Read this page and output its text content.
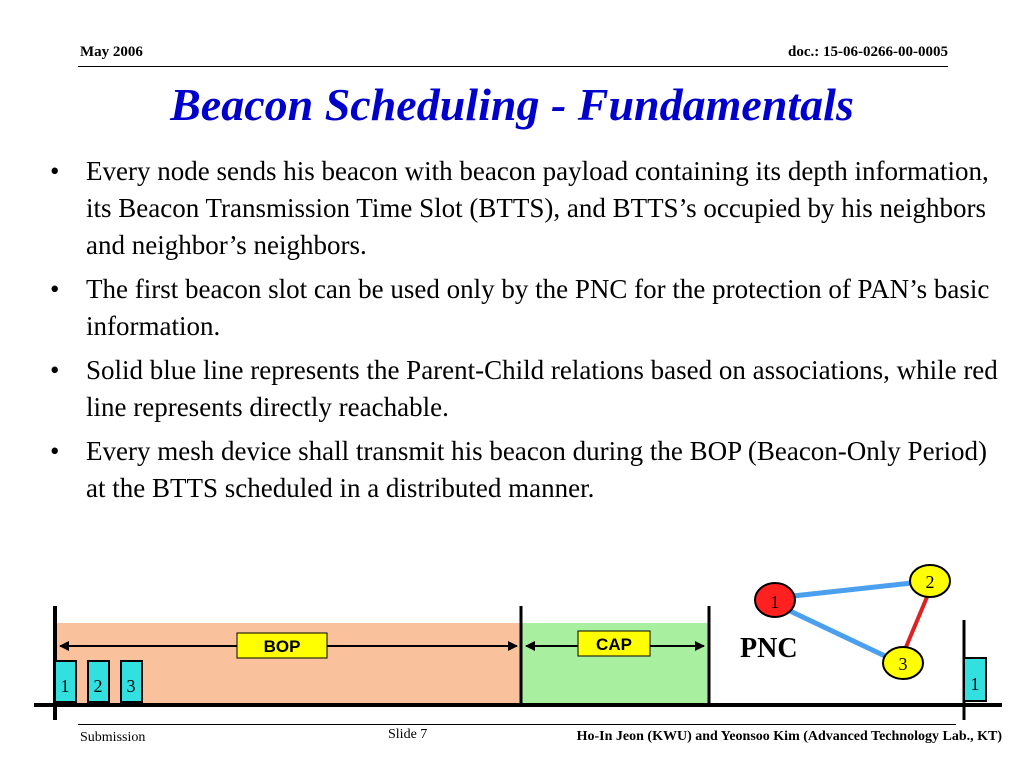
May 2006	doc.: 15-06-0266-00-0005
Beacon Scheduling - Fundamentals
• Every node sends his beacon with beacon payload containing its depth information, its Beacon Transmission Time Slot (BTTS), and BTTS’s occupied by his neighbors and neighbor’s neighbors.
• The first beacon slot can be used only by the PNC for the protection of PAN’s basic information.
• Solid blue line represents the Parent-Child relations based on associations, while red line represents directly reachable.
• Every mesh device shall transmit his beacon during the BOP (Beacon-Only Period) at the BTTS scheduled in a distributed manner.
BOP	CAP
1 2 3	1
1
2
3
PNC
Submission	Slide 7	Ho-In Jeon (KWU) and Yeonsoo Kim (Advanced Technology Lab., KT)
